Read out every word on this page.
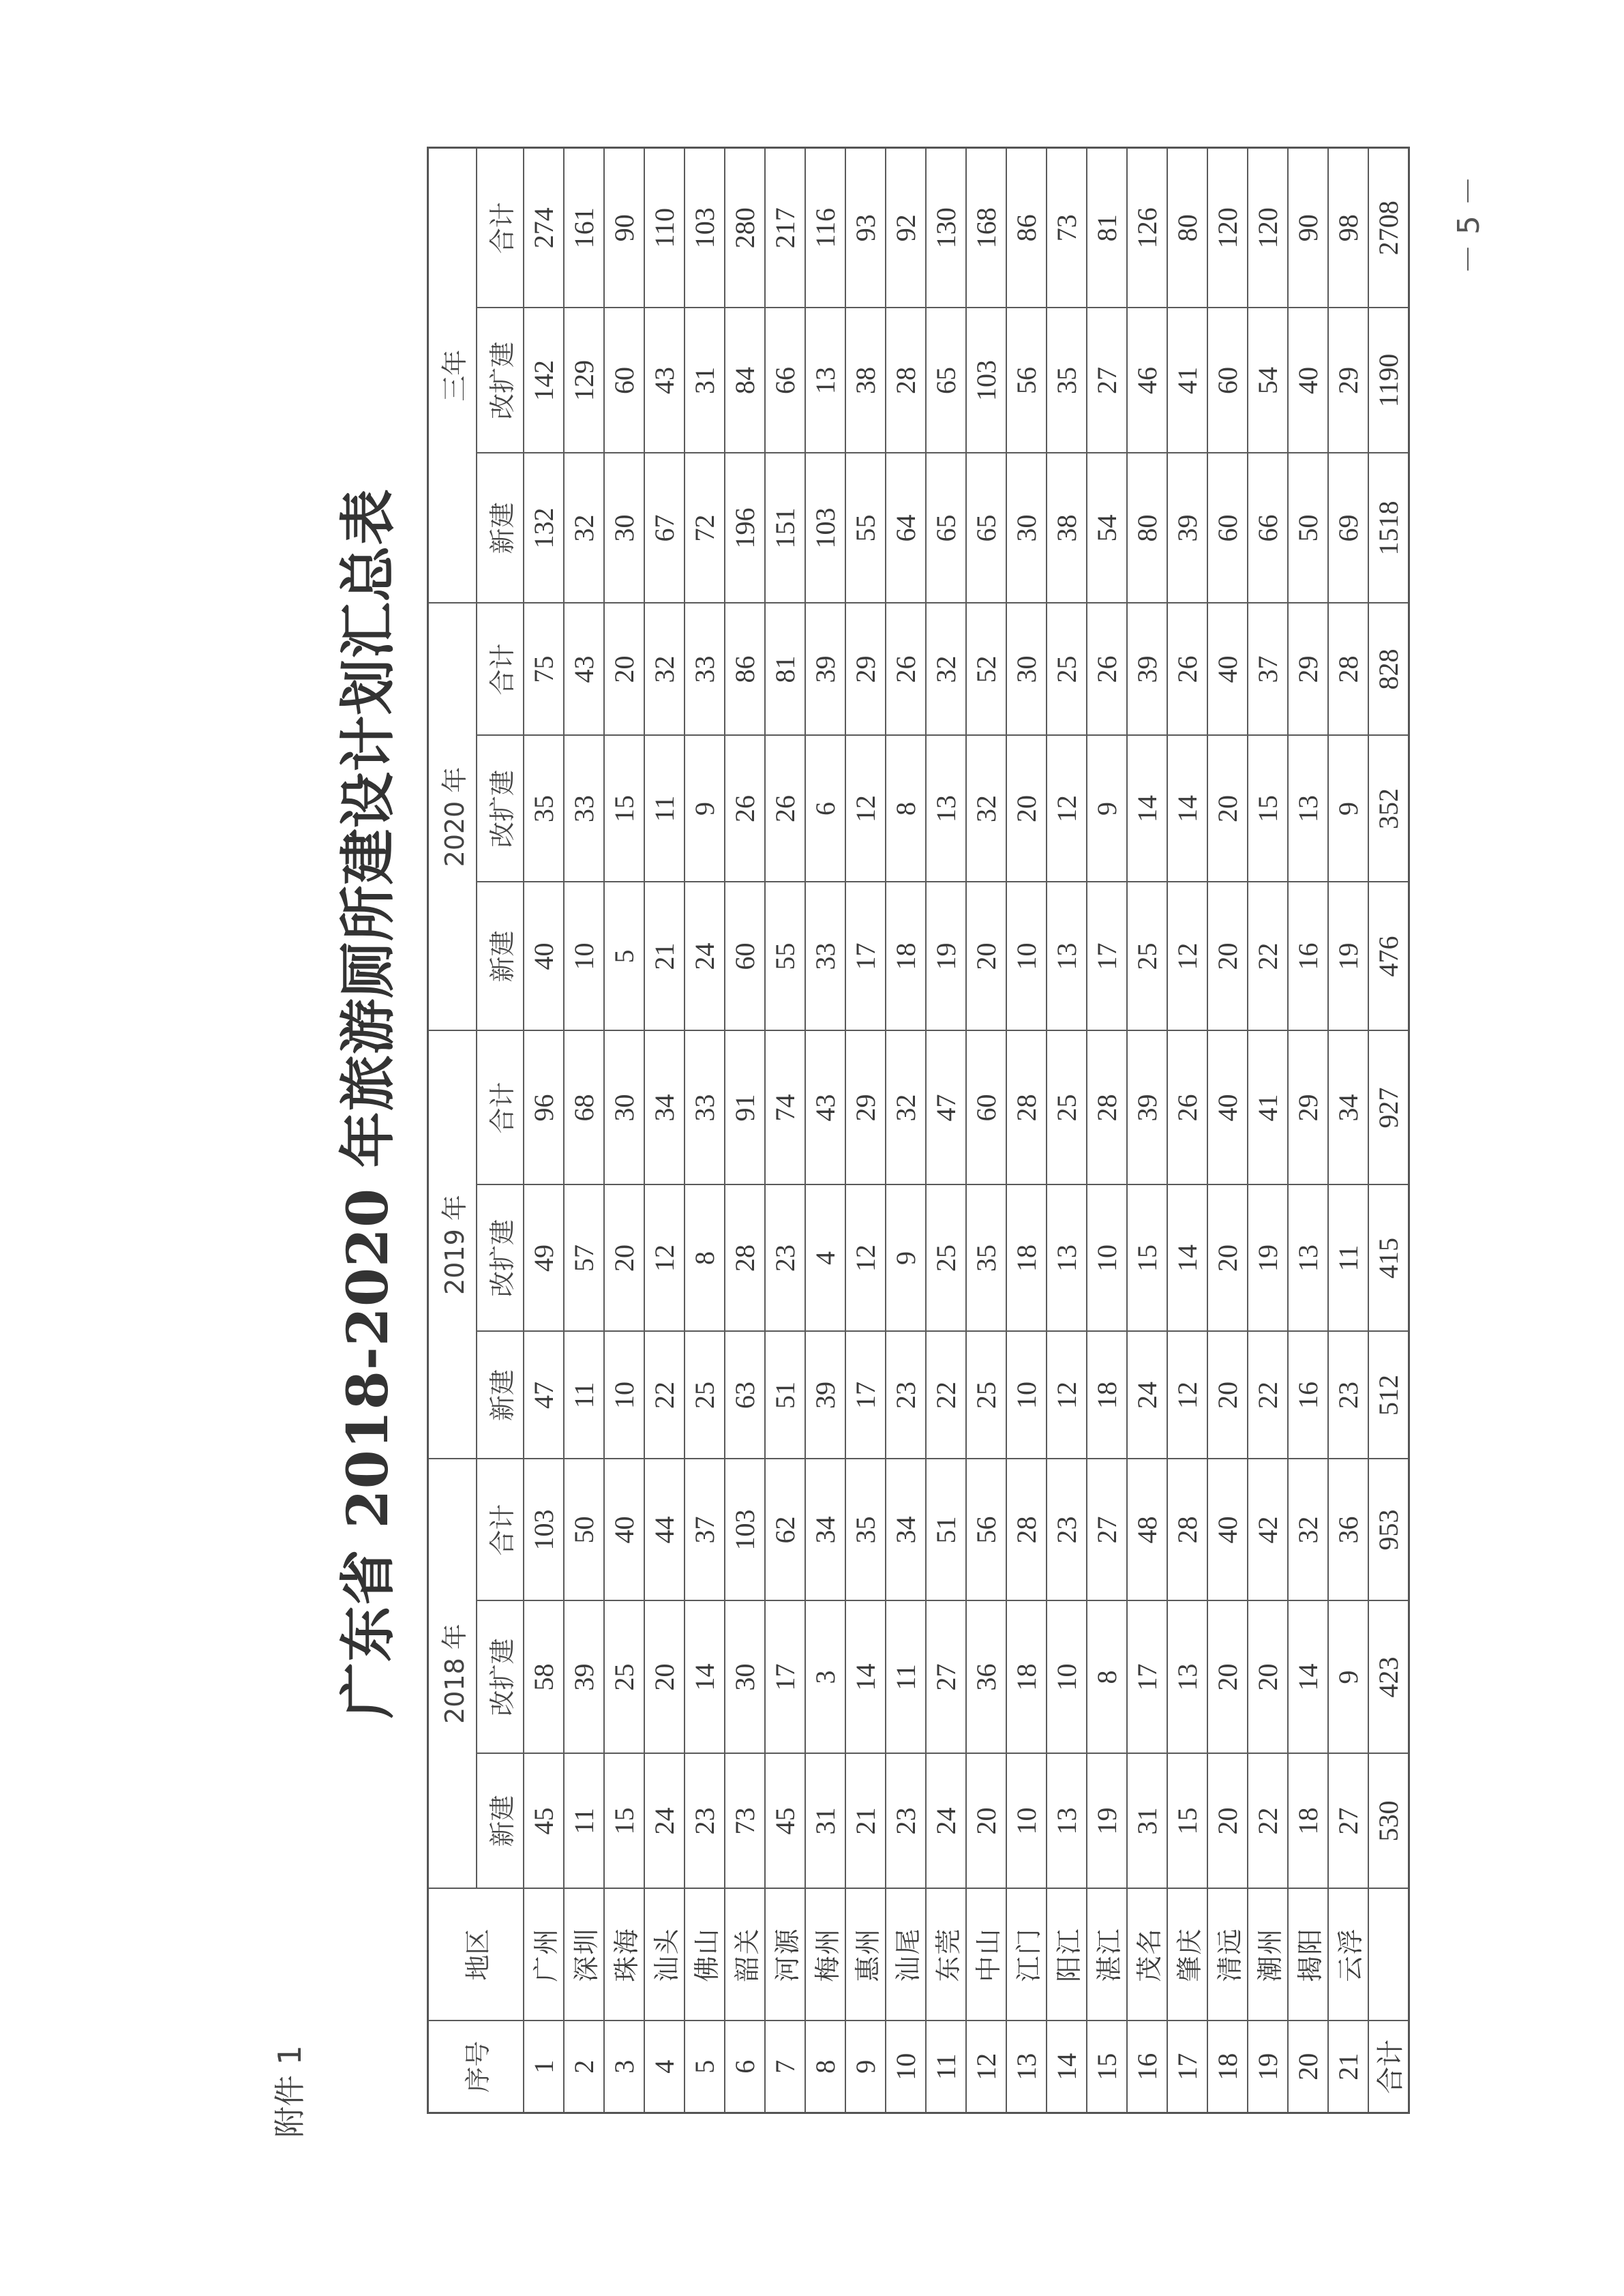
附件 1
广东省 2018-2020 年旅游厕所建设计划汇总表
－ 5 －
序号	地区	2018 年			2019 年			2020 年			三年		
		新建	改扩建	合计	新建	改扩建	合计	新建	改扩建	合计	新建	改扩建	合计
1	广州	45	58	103	47	49	96	40	35	75	132	142	274
2	深圳	11	39	50	11	57	68	10	33	43	32	129	161
3	珠海	15	25	40	10	20	30	5	15	20	30	60	90
4	汕头	24	20	44	22	12	34	21	11	32	67	43	110
5	佛山	23	14	37	25	8	33	24	9	33	72	31	103
6	韶关	73	30	103	63	28	91	60	26	86	196	84	280
7	河源	45	17	62	51	23	74	55	26	81	151	66	217
8	梅州	31	3	34	39	4	43	33	6	39	103	13	116
9	惠州	21	14	35	17	12	29	17	12	29	55	38	93
10	汕尾	23	11	34	23	9	32	18	8	26	64	28	92
11	东莞	24	27	51	22	25	47	19	13	32	65	65	130
12	中山	20	36	56	25	35	60	20	32	52	65	103	168
13	江门	10	18	28	10	18	28	10	20	30	30	56	86
14	阳江	13	10	23	12	13	25	13	12	25	38	35	73
15	湛江	19	8	27	18	10	28	17	9	26	54	27	81
16	茂名	31	17	48	24	15	39	25	14	39	80	46	126
17	肇庆	15	13	28	12	14	26	12	14	26	39	41	80
18	清远	20	20	40	20	20	40	20	20	40	60	60	120
19	潮州	22	20	42	22	19	41	22	15	37	66	54	120
20	揭阳	18	14	32	16	13	29	16	13	29	50	40	90
21	云浮	27	9	36	23	11	34	19	9	28	69	29	98
合计		530	423	953	512	415	927	476	352	828	1518	1190	2708
